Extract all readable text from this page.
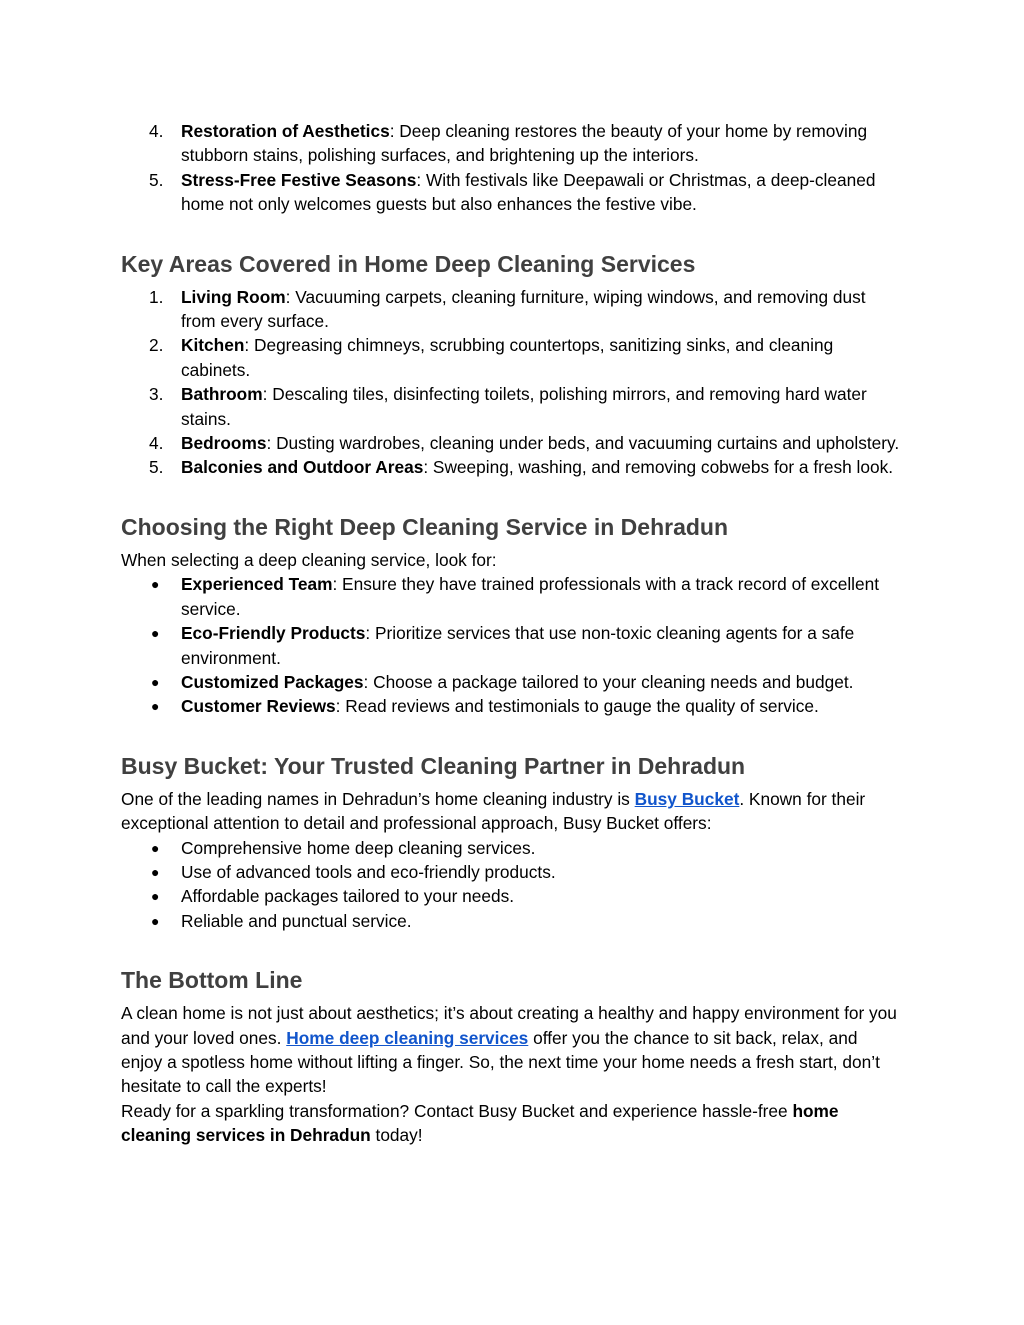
4. Restoration of Aesthetics: Deep cleaning restores the beauty of your home by removing stubborn stains, polishing surfaces, and brightening up the interiors.
5. Stress-Free Festive Seasons: With festivals like Deepawali or Christmas, a deep-cleaned home not only welcomes guests but also enhances the festive vibe.
Key Areas Covered in Home Deep Cleaning Services
1. Living Room: Vacuuming carpets, cleaning furniture, wiping windows, and removing dust from every surface.
2. Kitchen: Degreasing chimneys, scrubbing countertops, sanitizing sinks, and cleaning cabinets.
3. Bathroom: Descaling tiles, disinfecting toilets, polishing mirrors, and removing hard water stains.
4. Bedrooms: Dusting wardrobes, cleaning under beds, and vacuuming curtains and upholstery.
5. Balconies and Outdoor Areas: Sweeping, washing, and removing cobwebs for a fresh look.
Choosing the Right Deep Cleaning Service in Dehradun

When selecting a deep cleaning service, look for:

● Experienced Team: Ensure they have trained professionals with a track record of excellent service.
● Eco-Friendly Products: Prioritize services that use non-toxic cleaning agents for a safe environment.
● Customized Packages: Choose a package tailored to your cleaning needs and budget.
● Customer Reviews: Read reviews and testimonials to gauge the quality of service.
Busy Bucket: Your Trusted Cleaning Partner in Dehradun

One of the leading names in Dehradun’s home cleaning industry is Busy Bucket. Known for their exceptional attention to detail and professional approach, Busy Bucket offers:

● Comprehensive home deep cleaning services.
● Use of advanced tools and eco-friendly products.
● Affordable packages tailored to your needs.
● Reliable and punctual service.
The Bottom Line

A clean home is not just about aesthetics; it’s about creating a healthy and happy environment for you and your loved ones. Home deep cleaning services offer you the chance to sit back, relax, and enjoy a spotless home without lifting a finger. So, the next time your home needs a fresh start, don’t hesitate to call the experts!

Ready for a sparkling transformation? Contact Busy Bucket and experience hassle-free home cleaning services in Dehradun today!
